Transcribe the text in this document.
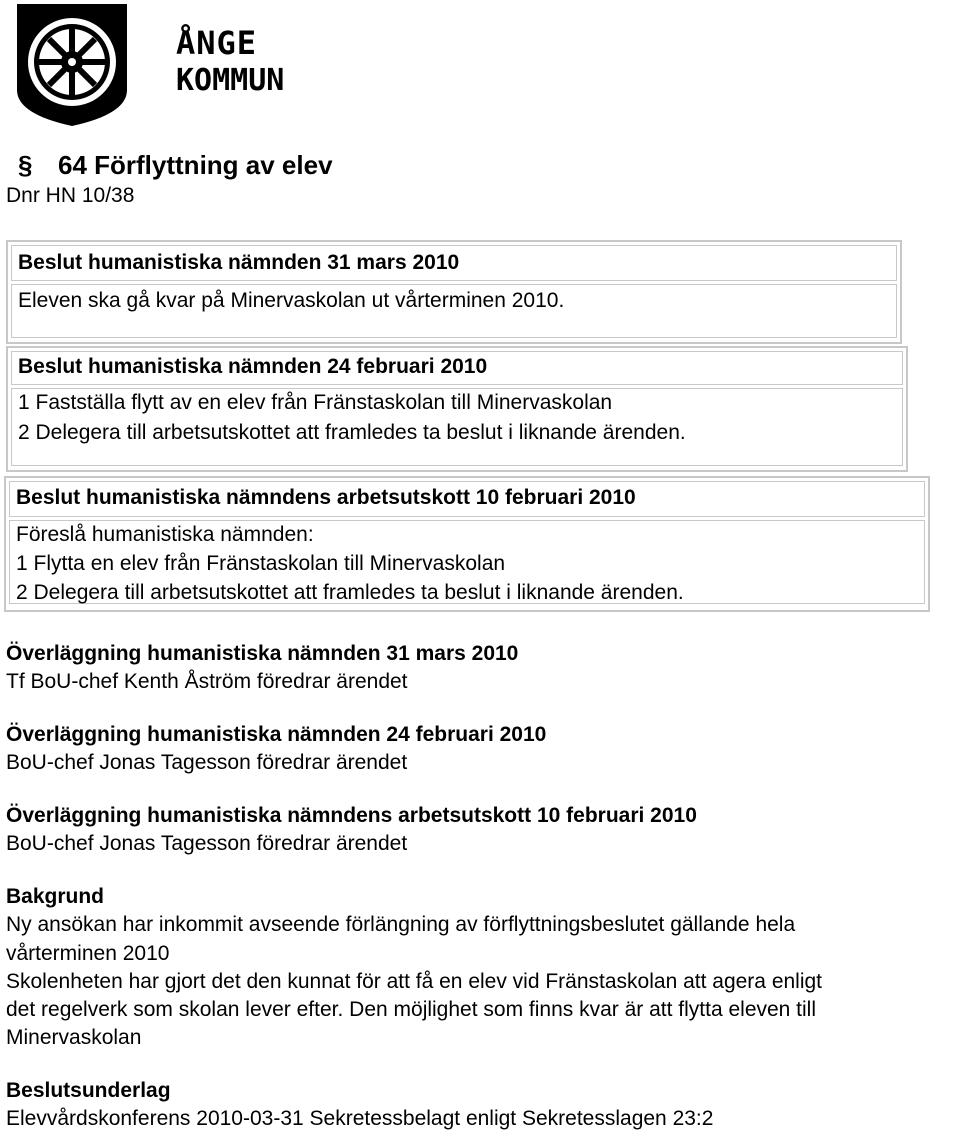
ÅNGE
KOMMUN
§ 64 Förflyttning av elev
Dnr HN 10/38
Beslut humanistiska nämnden 31 mars 2010
Eleven ska gå kvar på Minervaskolan ut vårterminen 2010.
Beslut humanistiska nämnden 24 februari 2010
1 Fastställa flytt av en elev från Fränstaskolan till Minervaskolan
2 Delegera till arbetsutskottet att framledes ta beslut i liknande ärenden.
Beslut humanistiska nämndens arbetsutskott 10 februari 2010
Föreslå humanistiska nämnden:
1 Flytta en elev från Fränstaskolan till Minervaskolan
2 Delegera till arbetsutskottet att framledes ta beslut i liknande ärenden.
Överläggning humanistiska nämnden 31 mars 2010
Tf BoU-chef Kenth Åström föredrar ärendet
Överläggning humanistiska nämnden 24 februari 2010
BoU-chef Jonas Tagesson föredrar ärendet
Överläggning humanistiska nämndens arbetsutskott 10 februari 2010
BoU-chef Jonas Tagesson föredrar ärendet
Bakgrund
Ny ansökan har inkommit avseende förlängning av förflyttningsbeslutet gällande hela
vårterminen 2010
Skolenheten har gjort det den kunnat för att få en elev vid Fränstaskolan att agera enligt
det regelverk som skolan lever efter. Den möjlighet som finns kvar är att flytta eleven till
Minervaskolan
Beslutsunderlag
Elevvårdskonferens 2010-03-31 Sekretessbelagt enligt Sekretesslagen 23:2
